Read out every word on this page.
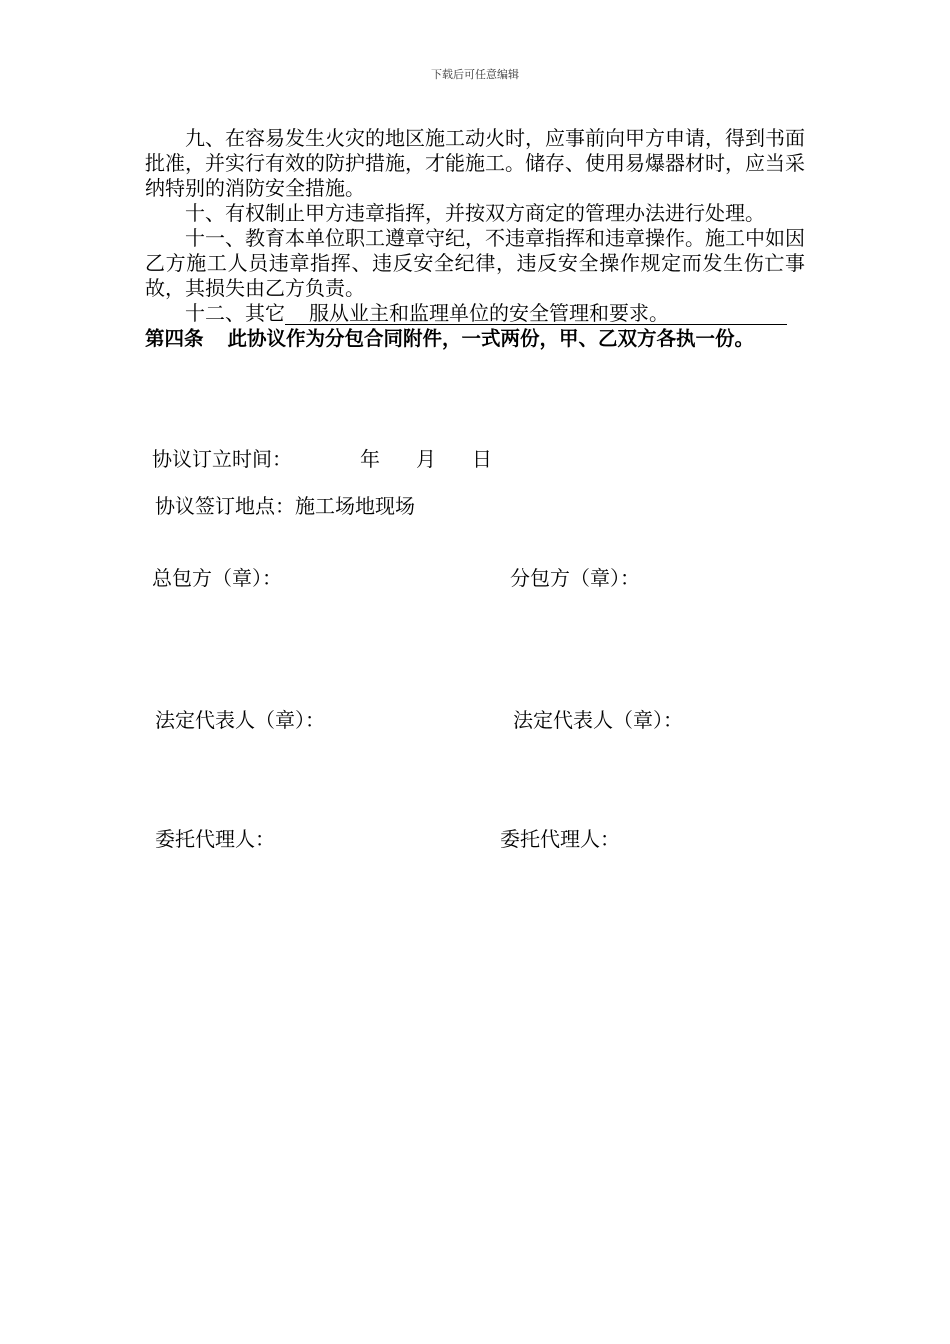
下载后可任意编辑

九、在容易发生火灾的地区施工动火时，应事前向甲方申请，得到书面批准，并实行有效的防护措施，才能施工。储存、使用易爆器材时，应当采纳特别的消防安全措施。

十、有权制止甲方违章指挥，并按双方商定的管理办法进行处理。

十一、教育本单位职工遵章守纪，不违章指挥和违章操作。施工中如因乙方施工人员违章指挥、违反安全纪律，违反安全操作规定而发生伤亡事故，其损失由乙方负责。

十二、其它 服从业主和监理单位的安全管理和要求。

第四条 此协议作为分包合同附件，一式两份，甲、乙双方各执一份。

协议订立时间：	年 月 日
协议签订地点：施工场地现场
总包方（章）：	分包方（章）：
法定代表人（章）：	法定代表人（章）：
委托代理人：	委托代理人：
